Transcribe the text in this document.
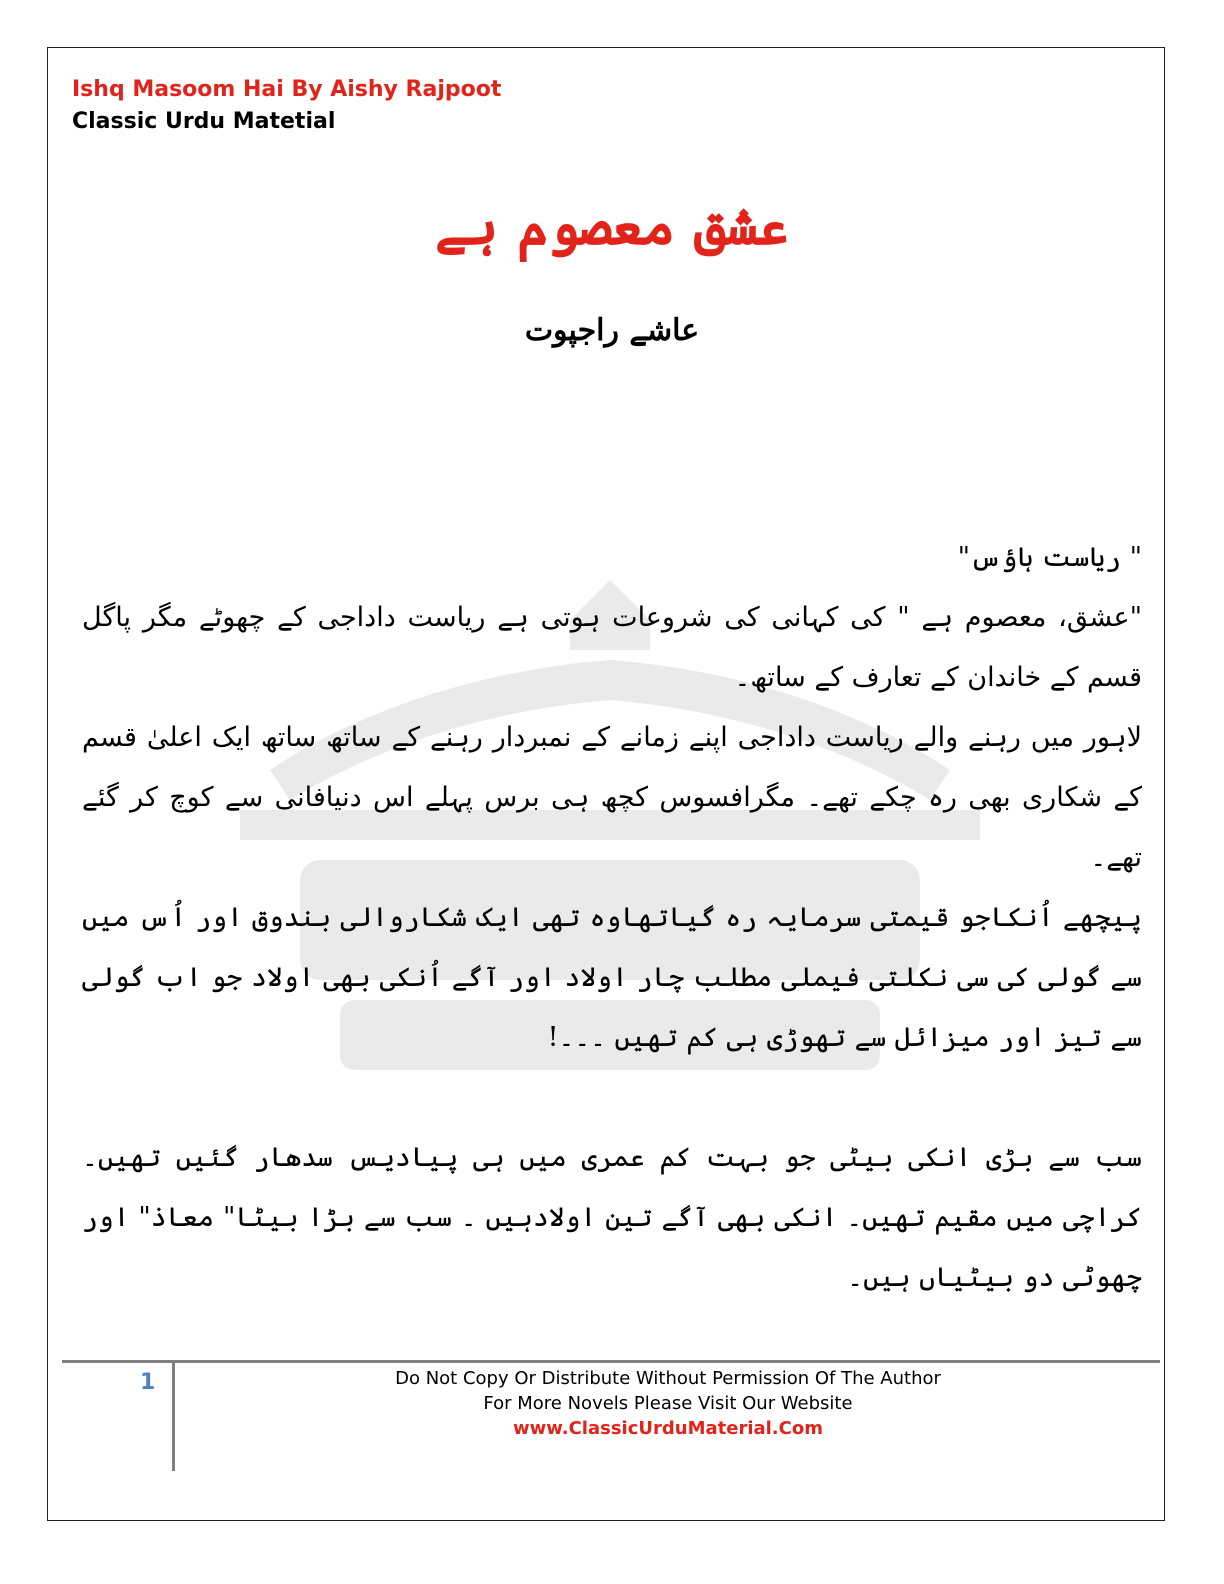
Ishq Masoom Hai By Aishy Rajpoot
Classic Urdu Matetial
عشق معصوم ہے
عاشے راجپوت

" ریاست ہاؤس"

"عشق، معصوم ہے " کی کہانی کی شروعات ہوتی ہے ریاست داداجی کے چھوٹے مگر پاگل قسم کے خاندان کے تعارف کے ساتھ۔

لاہور میں رہنے والے ریاست داداجی اپنے زمانے کے نمبردار رہنے کے ساتھ ساتھ ایک اعلیٰ قسم کے شکاری بھی رہ چکے تھے۔ مگرافسوس کچھ ہی برس پہلے اس دنیافانی سے کوچ کر گئے تھے۔

پیچھے اُنکاجو قیمتی سرمایہ رہ گیاتھاوہ تھی ایک شکاروالی بندوق اور اُس میں سے گولی کی سی نکلتی فیملی مطلب چار اولاد اور آگے اُنکی بھی اولاد جو اب گولی سے تیز اور میزائل سے تھوڑی ہی کم تھیں ۔۔۔!

سب سے بڑی انکی بیٹی جو بہت کم عمری میں ہی پیادیس سدھار گئیں تھیں۔ کراچی میں مقیم تھیں۔ انکی بھی آگے تین اولادہیں ۔ سب سے بڑا بیٹا" معاذ" اور چھوٹی دو بیٹیاں ہیں۔

1	Do Not Copy Or Distribute Without Permission Of The Author
For More Novels Please Visit Our Website
www.ClassicUrduMaterial.Com
